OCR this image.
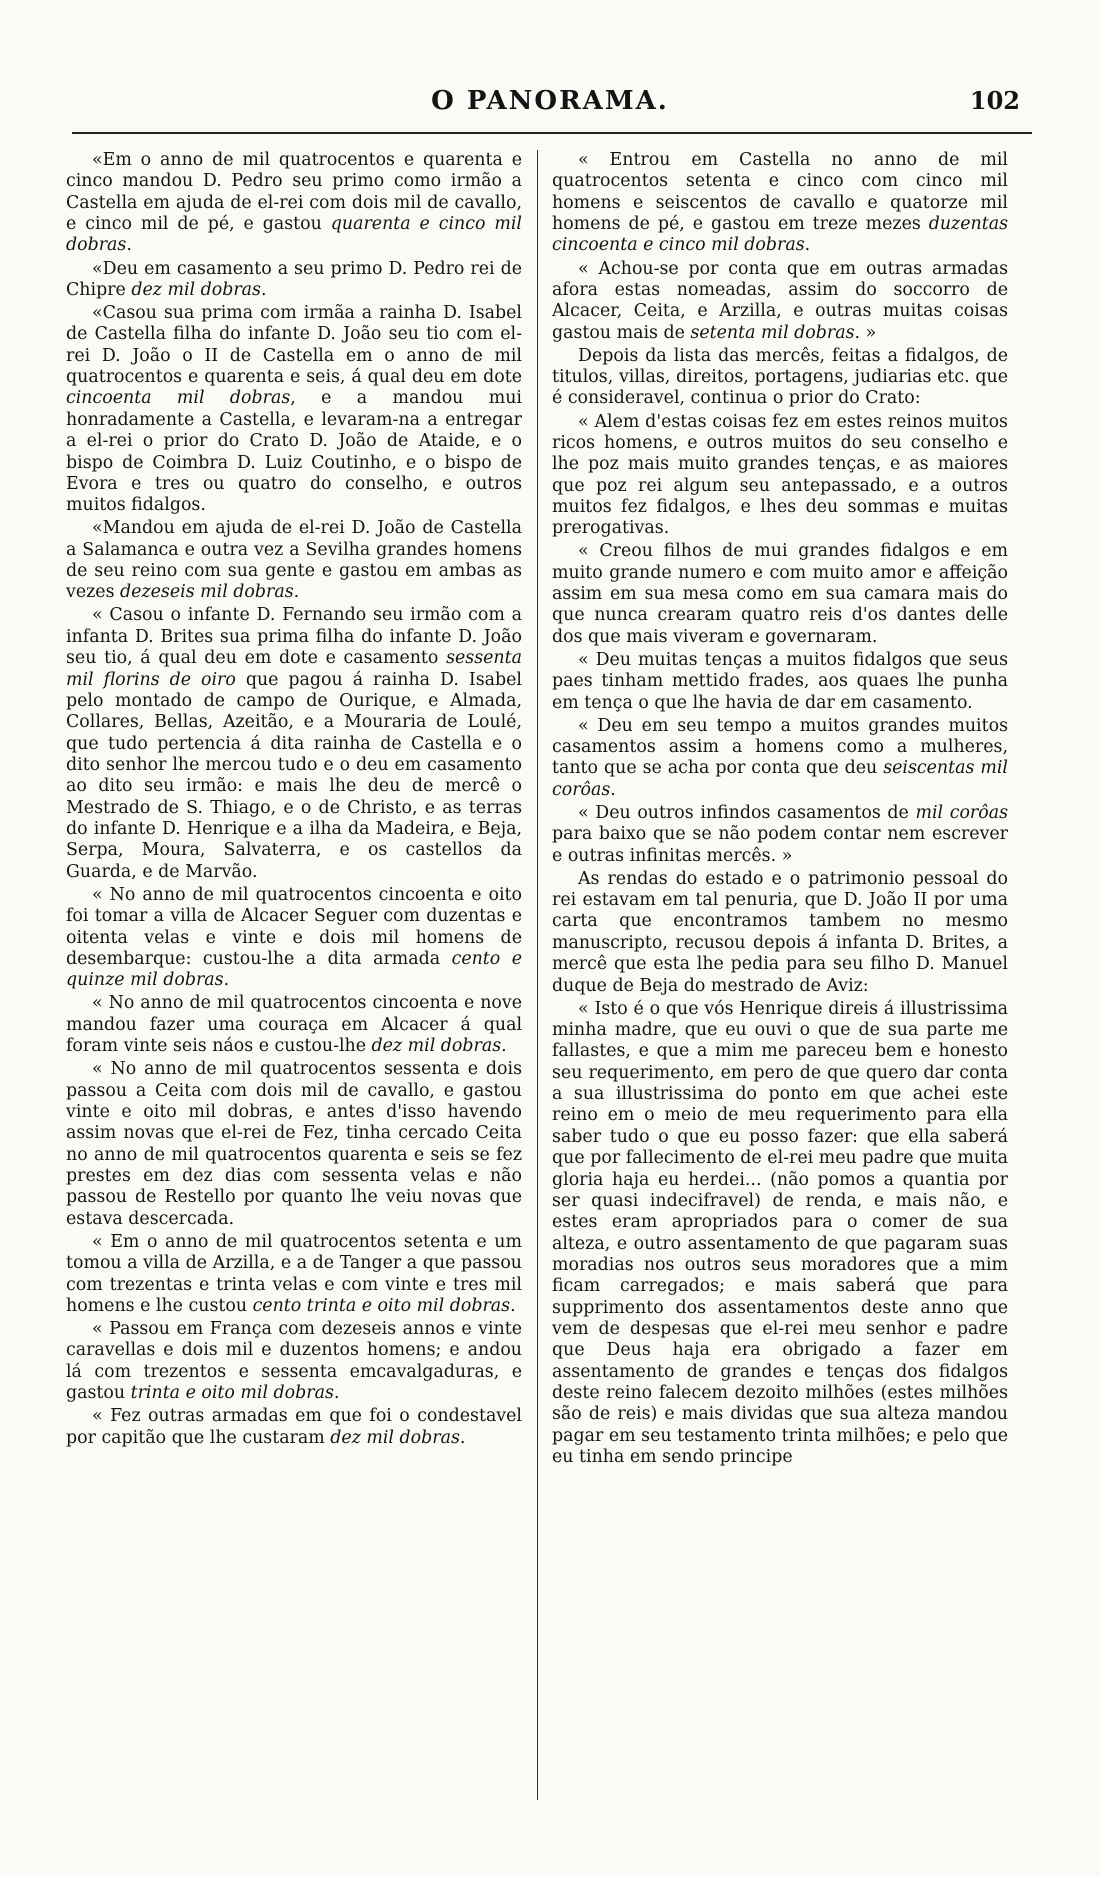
O PANORAMA.	102

«Em o anno de mil quatrocentos e quarenta e cinco mandou D. Pedro seu primo como irmão a Castella em ajuda de el-rei com dois mil de cavallo, e cinco mil de pé, e gastou quarenta e cinco mil dobras.

«Deu em casamento a seu primo D. Pedro rei de Chipre dez mil dobras.

«Casou sua prima com irmãa a rainha D. Isabel de Castella filha do infante D. João seu tio com el-rei D. João o II de Castella em o anno de mil quatrocentos e quarenta e seis, á qual deu em dote cincoenta mil dobras, e a mandou mui honradamente a Castella, e levaram-na a entregar a el-rei o prior do Crato D. João de Ataide, e o bispo de Coimbra D. Luiz Coutinho, e o bispo de Evora e tres ou quatro do conselho, e outros muitos fidalgos.

«Mandou em ajuda de el-rei D. João de Castella a Salamanca e outra vez a Sevilha grandes homens de seu reino com sua gente e gastou em ambas as vezes dezeseis mil dobras.

« Casou o infante D. Fernando seu irmão com a infanta D. Brites sua prima filha do infante D. João seu tio, á qual deu em dote e casamento sessenta mil florins de oiro que pagou á rainha D. Isabel pelo montado de campo de Ourique, e Almada, Collares, Bellas, Azeitão, e a Mouraria de Loulé, que tudo pertencia á dita rainha de Castella e o dito senhor lhe mercou tudo e o deu em casamento ao dito seu irmão: e mais lhe deu de mercê o Mestrado de S. Thiago, e o de Christo, e as terras do infante D. Henrique e a ilha da Madeira, e Beja, Serpa, Moura, Salvaterra, e os castellos da Guarda, e de Marvão.

« No anno de mil quatrocentos cincoenta e oito foi tomar a villa de Alcacer Seguer com duzentas e oitenta velas e vinte e dois mil homens de desembarque: custou-lhe a dita armada cento e quinze mil dobras.

« No anno de mil quatrocentos cincoenta e nove mandou fazer uma couraça em Alcacer á qual foram vinte seis náos e custou-lhe dez mil dobras.

« No anno de mil quatrocentos sessenta e dois passou a Ceita com dois mil de cavallo, e gastou vinte e oito mil dobras, e antes d'isso havendo assim novas que el-rei de Fez, tinha cercado Ceita no anno de mil quatrocentos quarenta e seis se fez prestes em dez dias com sessenta velas e não passou de Restello por quanto lhe veiu novas que estava descercada.

« Em o anno de mil quatrocentos setenta e um tomou a villa de Arzilla, e a de Tanger a que passou com trezentas e trinta velas e com vinte e tres mil homens e lhe custou cento trinta e oito mil dobras.

« Passou em França com dezeseis annos e vinte caravellas e dois mil e duzentos homens; e andou lá com trezentos e sessenta emcavalgaduras, e gastou trinta e oito mil dobras.

« Fez outras armadas em que foi o condestavel por capitão que lhe custaram dez mil dobras.

« Entrou em Castella no anno de mil quatrocentos setenta e cinco com cinco mil homens e seiscentos de cavallo e quatorze mil homens de pé, e gastou em treze mezes duzentas cincoenta e cinco mil dobras.

« Achou-se por conta que em outras armadas afora estas nomeadas, assim do soccorro de Alcacer, Ceita, e Arzilla, e outras muitas coisas gastou mais de setenta mil dobras. »

Depois da lista das mercês, feitas a fidalgos, de titulos, villas, direitos, portagens, judiarias etc. que é consideravel, continua o prior do Crato:

« Alem d'estas coisas fez em estes reinos muitos ricos homens, e outros muitos do seu conselho e lhe poz mais muito grandes tenças, e as maiores que poz rei algum seu antepassado, e a outros muitos fez fidalgos, e lhes deu sommas e muitas prerogativas.

« Creou filhos de mui grandes fidalgos e em muito grande numero e com muito amor e affeição assim em sua mesa como em sua camara mais do que nunca crearam quatro reis d'os dantes delle dos que mais viveram e governaram.

« Deu muitas tenças a muitos fidalgos que seus paes tinham mettido frades, aos quaes lhe punha em tença o que lhe havia de dar em casamento.

« Deu em seu tempo a muitos grandes muitos casamentos assim a homens como a mulheres, tanto que se acha por conta que deu seiscentas mil corôas.

« Deu outros infindos casamentos de mil corôas para baixo que se não podem contar nem escrever e outras infinitas mercês. »

As rendas do estado e o patrimonio pessoal do rei estavam em tal penuria, que D. João II por uma carta que encontramos tambem no mesmo manuscripto, recusou depois á infanta D. Brites, a mercê que esta lhe pedia para seu filho D. Manuel duque de Beja do mestrado de Aviz:

« Isto é o que vós Henrique direis á illustrissima minha madre, que eu ouvi o que de sua parte me fallastes, e que a mim me pareceu bem e honesto seu requerimento, em pero de que quero dar conta a sua illustrissima do ponto em que achei este reino em o meio de meu requerimento para ella saber tudo o que eu posso fazer: que ella saberá que por fallecimento de el-rei meu padre que muita gloria haja eu herdei... (não pomos a quantia por ser quasi indecifravel) de renda, e mais não, e estes eram apropriados para o comer de sua alteza, e outro assentamento de que pagaram suas moradias nos outros seus moradores que a mim ficam carregados; e mais saberá que para supprimento dos assentamentos deste anno que vem de despesas que el-rei meu senhor e padre que Deus haja era obrigado a fazer em assentamento de grandes e tenças dos fidalgos deste reino falecem dezoito milhões (estes milhões são de reis) e mais dividas que sua alteza mandou pagar em seu testamento trinta milhões; e pelo que eu tinha em sendo principe
